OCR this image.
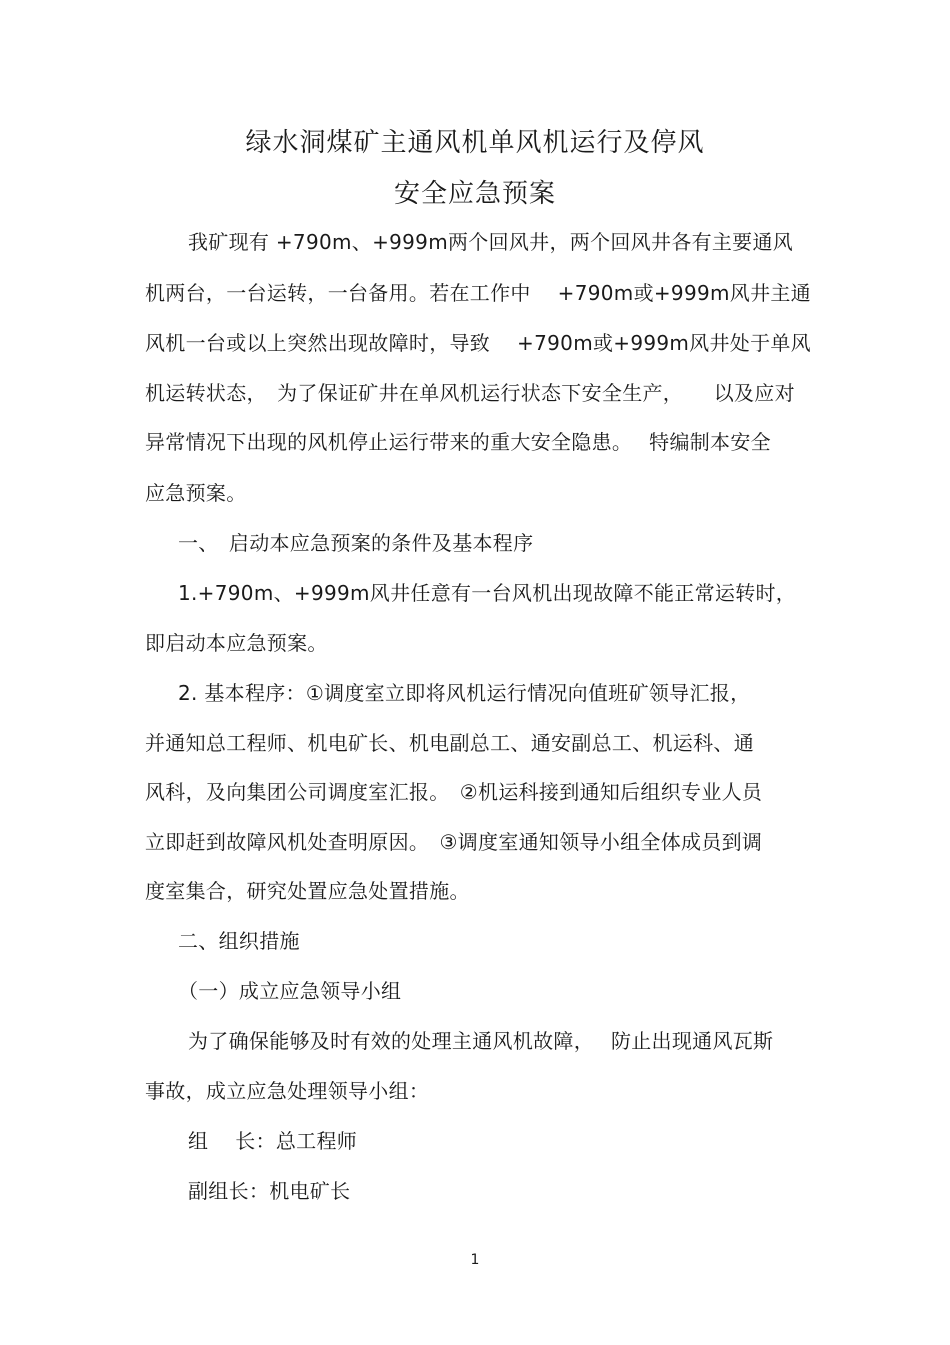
绿水洞煤矿主通风机单风机运行及停风
安全应急预案
我矿现有 +790m、+999m两个回风井，两个回风井各有主要通风
机两台，一台运转，一台备用。若在工作中　 +790m或+999m风井主通
风机一台或以上突然出现故障时，导致　 +790m或+999m风井处于单风
机运转状态，　为了保证矿井在单风机运行状态下安全生产，　　以及应对
异常情况下出现的风机停止运行带来的重大安全隐患。　 特编制本安全
应急预案。
一、　启动本应急预案的条件及基本程序
1.+790m、+999m风井任意有一台风机出现故障不能正常运转时，
即启动本应急预案。
2. 基本程序：①调度室立即将风机运行情况向值班矿领导汇报，
并通知总工程师、机电矿长、机电副总工、通安副总工、机运科、通
风科，及向集团公司调度室汇报。　②机运科接到通知后组织专业人员
立即赶到故障风机处查明原因。　③调度室通知领导小组全体成员到调
度室集合，研究处置应急处置措施。
二、组织措施
（一）成立应急领导小组
为了确保能够及时有效的处理主通风机故障，　 防止出现通风瓦斯
事故，成立应急处理领导小组：
组　 长：总工程师
副组长：机电矿长
1
